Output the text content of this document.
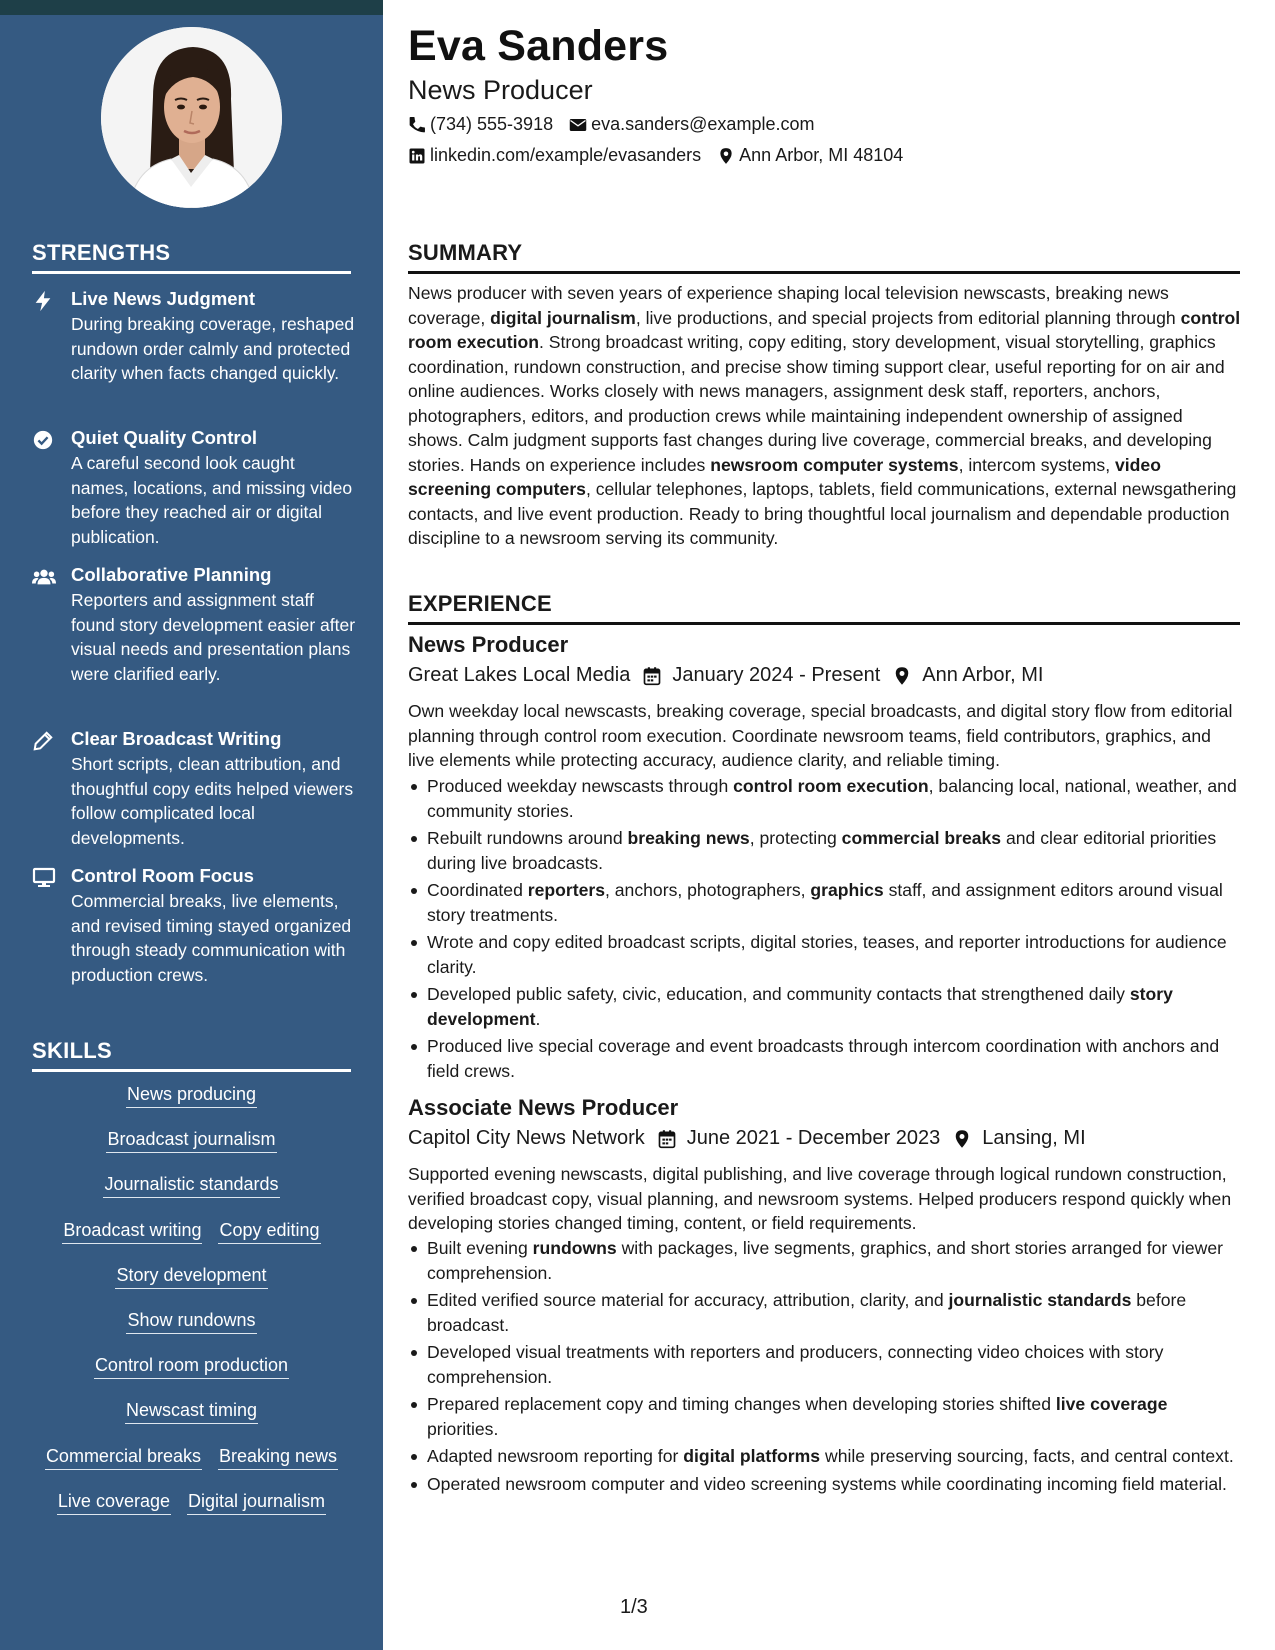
STRENGTHS
Live News Judgment

During breaking coverage, reshaped rundown order calmly and protected clarity when facts changed quickly.

Quiet Quality Control

A careful second look caught names, locations, and missing video before they reached air or digital publication.

Collaborative Planning

Reporters and assignment staff found story development easier after visual needs and presentation plans were clarified early.

Clear Broadcast Writing

Short scripts, clean attribution, and thoughtful copy edits helped viewers follow complicated local developments.

Control Room Focus

Commercial breaks, live elements, and revised timing stayed organized through steady communication with production crews.

SKILLS
News producing
Broadcast journalism
Journalistic standards
Broadcast writing Copy editing
Story development
Show rundowns
Control room production
Newscast timing
Commercial breaks Breaking news
Live coverage Digital journalism
Eva Sanders
News Producer
(734) 555-3918 eva.sanders@example.com
linkedin.com/example/evasanders Ann Arbor, MI 48104
SUMMARY

News producer with seven years of experience shaping local television newscasts, breaking news coverage, digital journalism, live productions, and special projects from editorial planning through control room execution. Strong broadcast writing, copy editing, story development, visual storytelling, graphics coordination, rundown construction, and precise show timing support clear, useful reporting for on air and online audiences. Works closely with news managers, assignment desk staff, reporters, anchors, photographers, editors, and production crews while maintaining independent ownership of assigned shows. Calm judgment supports fast changes during live coverage, commercial breaks, and developing stories. Hands on experience includes newsroom computer systems, intercom systems, video screening computers, cellular telephones, laptops, tablets, field communications, external newsgathering contacts, and live event production. Ready to bring thoughtful local journalism and dependable production discipline to a newsroom serving its community.

EXPERIENCE
News Producer
Great Lakes Local Media January 2024 - Present Ann Arbor, MI

Own weekday local newscasts, breaking coverage, special broadcasts, and digital story flow from editorial planning through control room execution. Coordinate newsroom teams, field contributors, graphics, and live elements while protecting accuracy, audience clarity, and reliable timing.

Produced weekday newscasts through control room execution, balancing local, national, weather, and community stories.
Rebuilt rundowns around breaking news, protecting commercial breaks and clear editorial priorities during live broadcasts.
Coordinated reporters, anchors, photographers, graphics staff, and assignment editors around visual story treatments.
Wrote and copy edited broadcast scripts, digital stories, teases, and reporter introductions for audience clarity.
Developed public safety, civic, education, and community contacts that strengthened daily story development.
Produced live special coverage and event broadcasts through intercom coordination with anchors and field crews.
Associate News Producer
Capitol City News Network June 2021 - December 2023 Lansing, MI

Supported evening newscasts, digital publishing, and live coverage through logical rundown construction, verified broadcast copy, visual planning, and newsroom systems. Helped producers respond quickly when developing stories changed timing, content, or field requirements.

Built evening rundowns with packages, live segments, graphics, and short stories arranged for viewer comprehension.
Edited verified source material for accuracy, attribution, clarity, and journalistic standards before broadcast.
Developed visual treatments with reporters and producers, connecting video choices with story comprehension.
Prepared replacement copy and timing changes when developing stories shifted live coverage priorities.
Adapted newsroom reporting for digital platforms while preserving sourcing, facts, and central context.
Operated newsroom computer and video screening systems while coordinating incoming field material.
1/3
